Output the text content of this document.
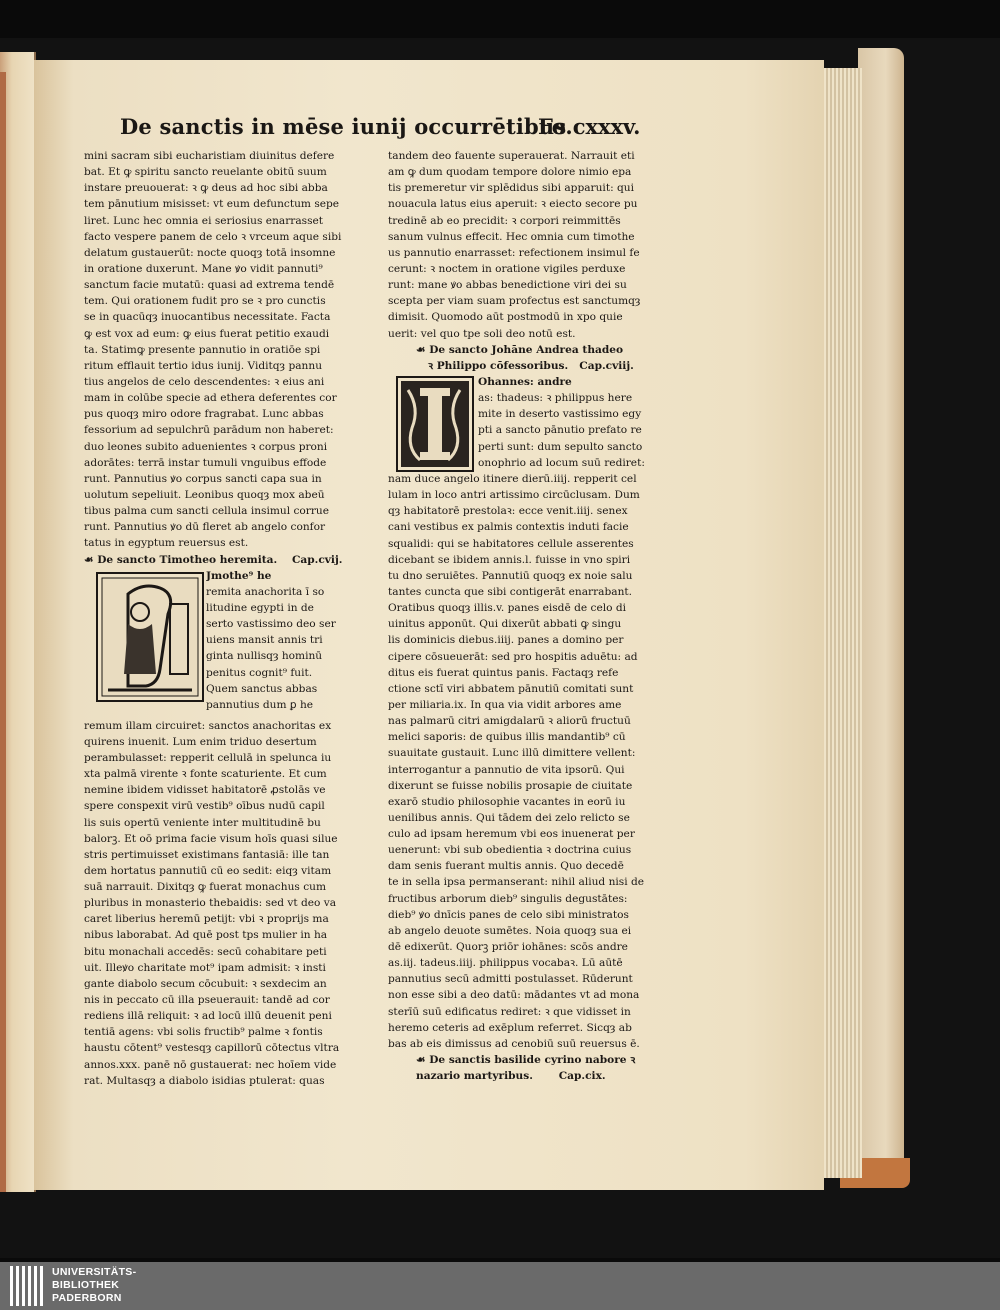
De sanctis in mēse iunij occurrētibus
Fo.cxxxv.
mini sacram sibi eucharistiam diuinitus defere
bat. Et ꝙ spiritu sancto reuelante obitū suum
instare preuouerat: ꝛ ꝙ deus ad hoc sibi abba
tem pānutium misisset: vt eum defunctum sepe
liret. Lunc hec omnia ei seriosius enarrasset
facto vespere panem de celo ꝛ vrceum aque sibi
delatum gustauerūt: nocte quoqȝ totā insomne
in oratione duxerunt. Mane ꝟo vidit pannuti⁹
sanctum facie mutatū: quasi ad extrema tendē
tem. Qui orationem fudit pro se ꝛ pro cunctis
se in quacūqȝ inuocantibus necessitate. Facta
ꝙ est vox ad eum: ꝙ eius fuerat petitio exaudi
ta. Statimꝙ presente pannutio in oratiōe spi
ritum efflauit tertio idus iunij. Viditqȝ pannu
tius angelos de celo descendentes: ꝛ eius ani
mam in colūbe specie ad ethera deferentes cor
pus quoqȝ miro odore fragrabat. Lunc abbas
fessorium ad sepulchrū parādum non haberet:
duo leones subito aduenientes ꝛ corpus proni
adorātes: terrā instar tumuli vnguibus effode
runt. Pannutius ꝟo corpus sancti capa sua in
uolutum sepeliuit. Leonibus quoqȝ mox abeū
tibus palma cum sancti cellula insimul corrue
runt. Pannutius ꝟo dū fleret ab angelo confor
tatus in egyptum reuersus est.
☙ De sancto Timotheo heremita. Cap.cvij.
Jmothe⁹ he
remita anachorita ī so
litudine egypti in de
serto vastissimo deo ser
uiens mansit annis tri
ginta nullisqȝ hominū
penitus cognit⁹ fuit.
Quem sanctus abbas
pannutius dum ꝑ he
remum illam circuiret: sanctos anachoritas ex
quirens inuenit. Lum enim triduo desertum
perambulasset: repperit cellulā in spelunca iu
xta palmā virente ꝛ fonte scaturiente. Et cum
nemine ibidem vidisset habitatorē ꝓstolās ve
spere conspexit virū vestib⁹ oībus nudū capil
lis suis opertū veniente inter multitudinē bu
balorꝫ. Et oō prima facie visum hoīs quasi silue
stris pertimuisset existimans fantasiā: ille tan
dem hortatus pannutiū cū eo sedit: eiqȝ vitam
suā narrauit. Dixitqȝ ꝙ fuerat monachus cum
pluribus in monasterio thebaidis: sed vt deo va
caret liberius heremū petijt: vbi ꝛ proprijs ma
nibus laborabat. Ad quē post tps mulier in ha
bitu monachali accedēs: secū cohabitare peti
uit. Illeꝟo charitate mot⁹ ipam admisit: ꝛ insti
gante diabolo secum cōcubuit: ꝛ sexdecim an
nis in peccato cū illa pseuerauit: tandē ad cor
rediens illā reliquit: ꝛ ad locū illū deuenit peni
tentiā agens: vbi solis fructib⁹ palme ꝛ fontis
haustu cōtent⁹ vestesqȝ capillorū cōtectus vltra
annos.xxx. panē nō gustauerat: nec hoīem vide
rat. Multasqȝ a diabolo isidias ptulerat: quas
tandem deo fauente superauerat. Narrauit eti
am ꝙ dum quodam tempore dolore nimio epa
tis premeretur vir splēdidus sibi apparuit: qui
nouacula latus eius aperuit: ꝛ eiecto secore pu
tredinē ab eo precidit: ꝛ corpori reimmittēs
sanum vulnus effecit. Hec omnia cum timothe
us pannutio enarrasset: refectionem insimul fe
cerunt: ꝛ noctem in oratione vigiles perduxe
runt: mane ꝟo abbas benedictione viri dei su
scepta per viam suam profectus est sanctumqȝ
dimisit. Quomodo aūt postmodū in xpo quie
uerit: vel quo tpe soli deo notū est.
☙ De sancto Johāne Andrea thadeo
ꝛ Philippo cōfessoribus. Cap.cviij.
Ohannes: andre
as: thadeus: ꝛ philippus here
mite in deserto vastissimo egy
pti a sancto pānutio prefato re
perti sunt: dum sepulto sancto
onophrio ad locum suū rediret:
nam duce angelo itinere dierū.iiij. repperit cel
lulam in loco antri artissimo circūclusam. Dum
qȝ habitatorē prestolaꝛ: ecce venit.iiij. senex
cani vestibus ex palmis contextis induti facie
squalidi: qui se habitatores cellule asserentes
dicebant se ibidem annis.l. fuisse in vno spiri
tu dno seruiētes. Pannutiū quoqȝ ex noie salu
tantes cuncta que sibi contigerāt enarrabant.
Oratibus quoqȝ illis.v. panes eisdē de celo di
uinitus apponūt. Qui dixerūt abbati ꝙ singu
lis dominicis diebus.iiij. panes a domino per
cipere cōsueuerāt: sed pro hospitis aduētu: ad
ditus eis fuerat quintus panis. Factaqȝ refe
ctione sctī viri abbatem pānutiū comitati sunt
per miliaria.ix. In qua via vidit arbores ame
nas palmarū citri amigdalarū ꝛ aliorū fructuū
melici saporis: de quibus illis mandantib⁹ cū
suauitate gustauit. Lunc illū dimittere vellent:
interrogantur a pannutio de vita ipsorū. Qui
dixerunt se fuisse nobilis prosapie de ciuitate
exarō studio philosophie vacantes in eorū iu
uenilibus annis. Qui tādem dei zelo relicto se
culo ad ipsam heremum vbi eos inuenerat per
uenerunt: vbi sub obedientia ꝛ doctrina cuius
dam senis fuerant multis annis. Quo decedē
te in sella ipsa permanserant: nihil aliud nisi de
fructibus arborum dieb⁹ singulis degustātes:
dieb⁹ ꝟo dnīcis panes de celo sibi ministratos
ab angelo deuote sumētes. Noia quoqȝ sua ei
dē edixerūt. Quorꝫ priōr iohānes: scōs andre
as.iij. tadeus.iiij. philippus vocabaꝛ. Lū aūtē
pannutius secū admitti postulasset. Rūderunt
non esse sibi a deo datū: mādantes vt ad mona
sterīū suū edificatus rediret: ꝛ que vidisset in
heremo ceteris ad exēplum referret. Sicqȝ ab
bas ab eis dimissus ad cenobiū suū reuersus ē.
☙ De sanctis basilide cyrino nabore ꝛ
nazario martyribus. Cap.cix.
UNIVERSITÄTS-
BIBLIOTHEK
PADERBORN
